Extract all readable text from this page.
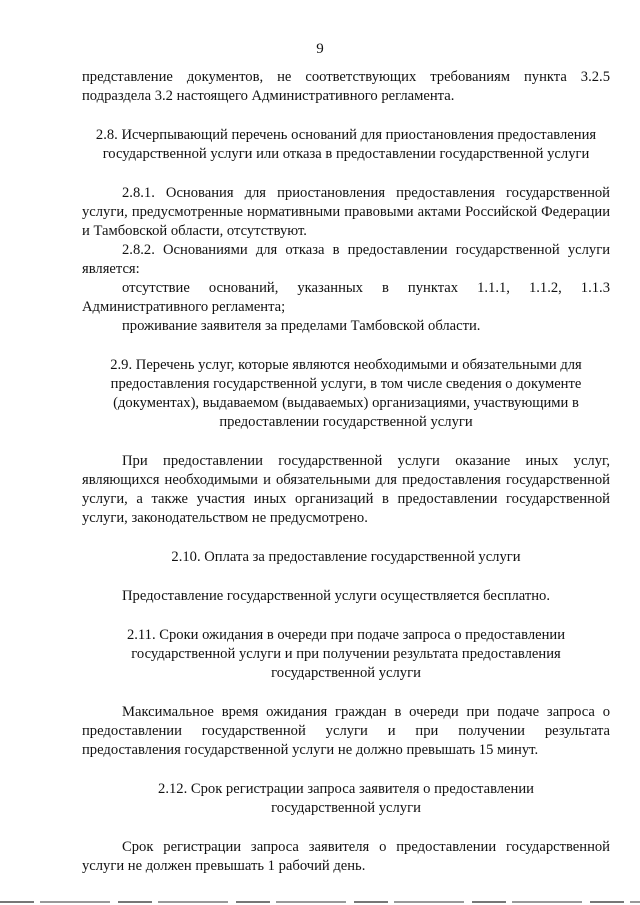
9

представление документов, не соответствующих требованиям пункта 3.2.5 подраздела 3.2 настоящего Административного регламента.

2.8. Исчерпывающий перечень оснований для приостановления предоставления государственной услуги или отказа в предоставлении государственной услуги

2.8.1. Основания для приостановления предоставления государственной услуги, предусмотренные нормативными правовыми актами Российской Федерации и Тамбовской области, отсутствуют.

2.8.2. Основаниями для отказа в предоставлении государственной услуги является:

отсутствие оснований, указанных в пунктах 1.1.1, 1.1.2, 1.1.3 Административного регламента;

проживание заявителя за пределами Тамбовской области.

2.9. Перечень услуг, которые являются необходимыми и обязательными для предоставления государственной услуги, в том числе сведения о документе (документах), выдаваемом (выдаваемых) организациями, участвующими в предоставлении государственной услуги

При предоставлении государственной услуги оказание иных услуг, являющихся необходимыми и обязательными для предоставления государственной услуги, а также участия иных организаций в предоставлении государственной услуги, законодательством не предусмотрено.

2.10. Оплата за предоставление государственной услуги

Предоставление государственной услуги осуществляется бесплатно.

2.11. Сроки ожидания в очереди при подаче запроса о предоставлении государственной услуги и при получении результата предоставления государственной услуги

Максимальное время ожидания граждан в очереди при подаче запроса о предоставлении государственной услуги и при получении результата предоставления государственной услуги не должно превышать 15 минут.

2.12. Срок регистрации запроса заявителя о предоставлении государственной услуги

Срок регистрации запроса заявителя о предоставлении государственной услуги не должен превышать 1 рабочий день.
